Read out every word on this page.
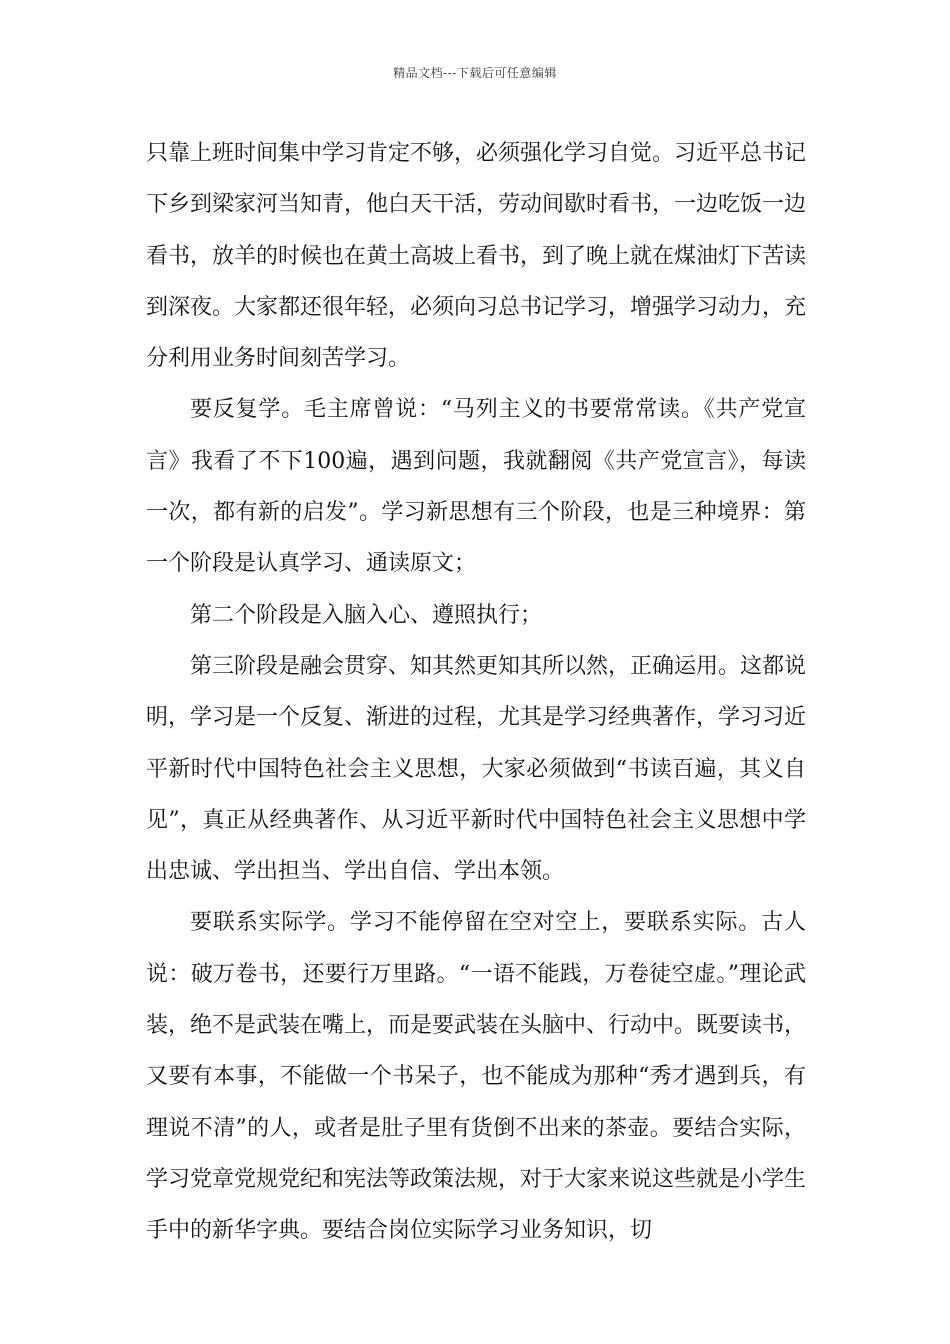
精品文档---下载后可任意编辑

只靠上班时间集中学习肯定不够，必须强化学习自觉。习近平总书记下乡到梁家河当知青，他白天干活，劳动间歇时看书，一边吃饭一边看书，放羊的时候也在黄土高坡上看书，到了晚上就在煤油灯下苦读到深夜。大家都还很年轻，必须向习总书记学习，增强学习动力，充分利用业务时间刻苦学习。

要反复学。毛主席曾说：“马列主义的书要常常读。《共产党宣言》我看了不下100遍，遇到问题，我就翻阅《共产党宣言》，每读一次，都有新的启发”。学习新思想有三个阶段，也是三种境界：第一个阶段是认真学习、通读原文；

第二个阶段是入脑入心、遵照执行；

第三阶段是融会贯穿、知其然更知其所以然，正确运用。这都说明，学习是一个反复、渐进的过程，尤其是学习经典著作，学习习近平新时代中国特色社会主义思想，大家必须做到“书读百遍，其义自见”，真正从经典著作、从习近平新时代中国特色社会主义思想中学出忠诚、学出担当、学出自信、学出本领。

要联系实际学。学习不能停留在空对空上，要联系实际。古人说：破万卷书，还要行万里路。“一语不能践，万卷徒空虚。”理论武装，绝不是武装在嘴上，而是要武装在头脑中、行动中。既要读书，又要有本事，不能做一个书呆子，也不能成为那种“秀才遇到兵，有理说不清”的人，或者是肚子里有货倒不出来的茶壶。要结合实际，学习党章党规党纪和宪法等政策法规，对于大家来说这些就是小学生手中的新华字典。要结合岗位实际学习业务知识，切
